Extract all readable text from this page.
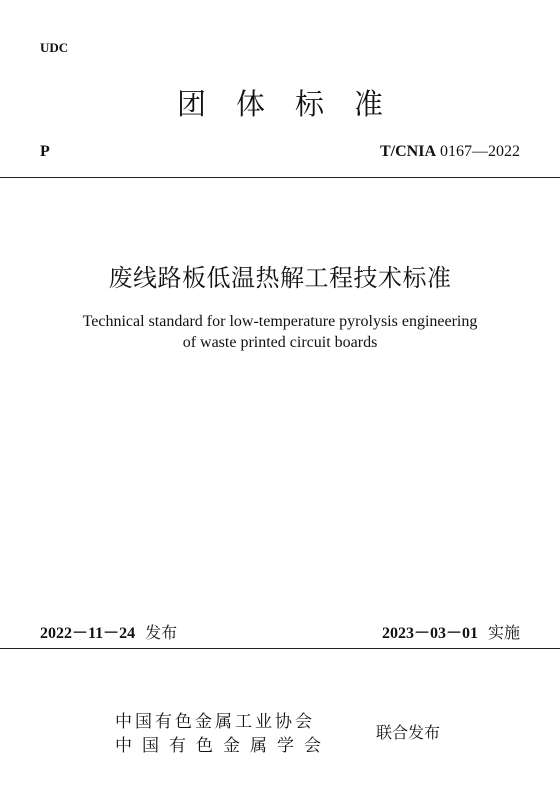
UDC
团体标准
P	T/CNIA 0167—2022
废线路板低温热解工程技术标准
Technical standard for low-temperature pyrolysis engineering
of waste printed circuit boards
2022－11－24 发布	2023－03－01 实施
中国有色金属工业协会
中国有色金属学会
联合发布
